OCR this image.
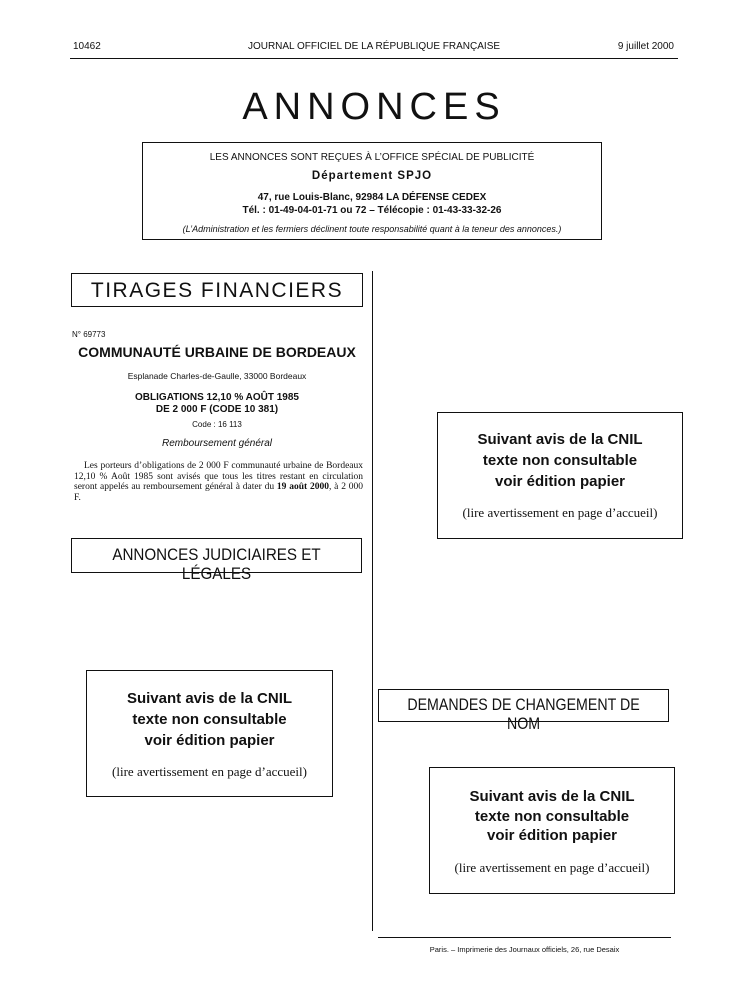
10462	JOURNAL OFFICIEL DE LA RÉPUBLIQUE FRANÇAISE	9 juillet 2000
ANNONCES
LES ANNONCES SONT REÇUES À L’OFFICE SPÉCIAL DE PUBLICITÉ
Département SPJO
47, rue Louis-Blanc, 92984 LA DÉFENSE CEDEX
Tél. : 01-49-04-01-71 ou 72 – Télécopie : 01-43-33-32-26
(L’Administration et les fermiers déclinent toute responsabilité quant à la teneur des annonces.)
TIRAGES FINANCIERS
N° 69773
COMMUNAUTÉ URBAINE DE BORDEAUX
Esplanade Charles-de-Gaulle, 33000 Bordeaux
OBLIGATIONS 12,10 % AOÛT 1985
DE 2 000 F (CODE 10 381)
Code : 16 113
Remboursement général
Les porteurs d’obligations de 2 000 F communauté urbaine de Bordeaux 12,10 % Août 1985 sont avisés que tous les titres restant en circulation seront appelés au remboursement général à dater du 19 août 2000, à 2 000 F.
ANNONCES JUDICIAIRES ET LÉGALES
Suivant avis de la CNIL
texte non consultable
voir édition papier
(lire avertissement en page d’accueil)
Suivant avis de la CNIL
texte non consultable
voir édition papier
(lire avertissement en page d’accueil)
DEMANDES DE CHANGEMENT DE NOM
Suivant avis de la CNIL
texte non consultable
voir édition papier
(lire avertissement en page d’accueil)
Paris. – Imprimerie des Journaux officiels, 26, rue Desaix
